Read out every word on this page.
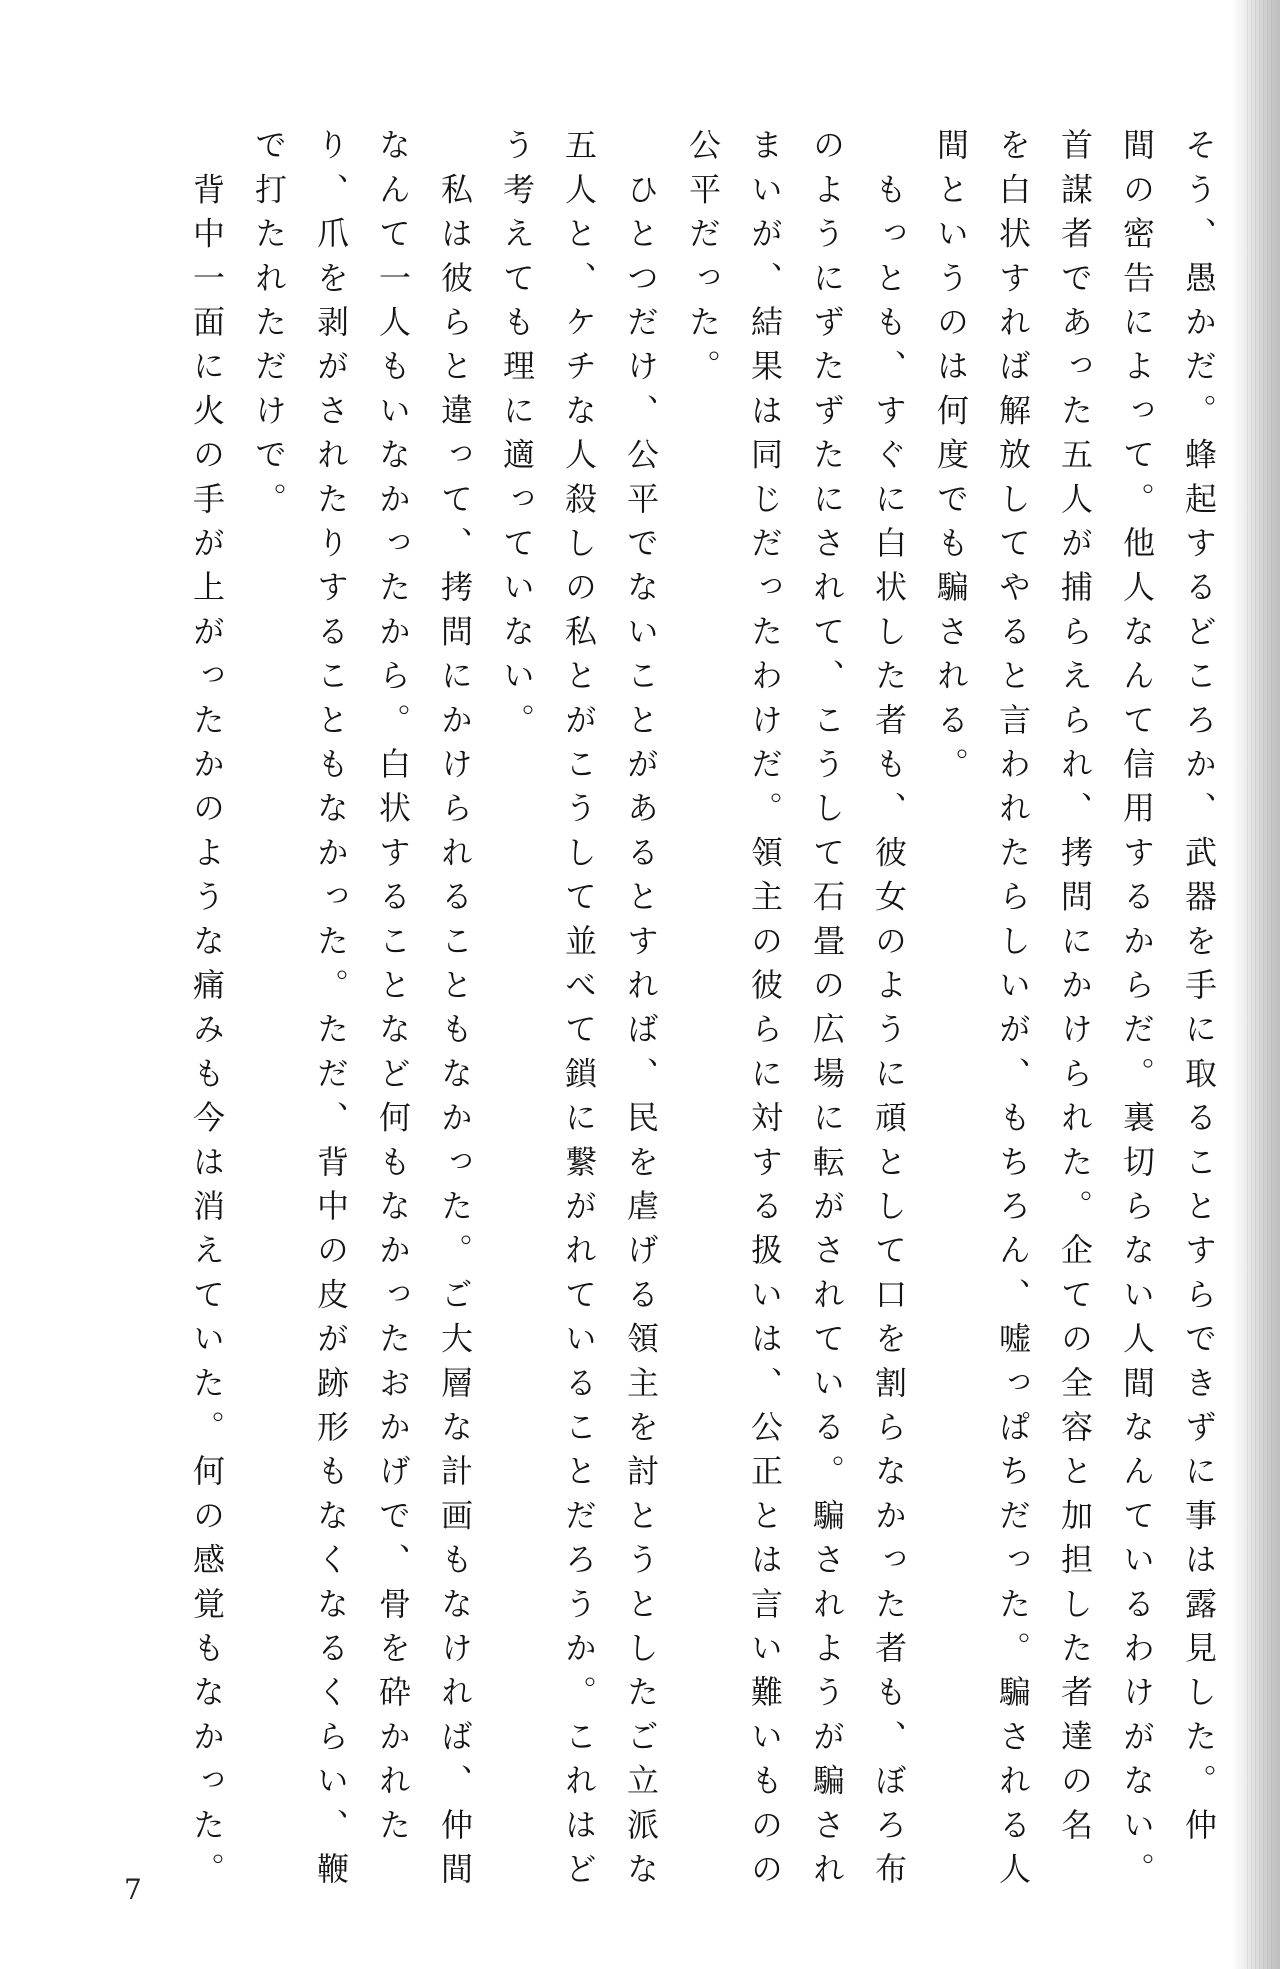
そう、愚かだ。蜂起するどころか、武器を手に取ることすらできずに事は露見した。仲

間の密告によって。他人なんて信用するからだ。裏切らない人間なんているわけがない。

首謀者であった五人が捕らえられ、拷問にかけられた。企ての全容と加担した者達の名

を白状すれば解放してやると言われたらしいが、もちろん、嘘っぱちだった。騙される人

間というのは何度でも騙される。

　もっとも、すぐに白状した者も、彼女のように頑として口を割らなかった者も、ぼろ布

のようにずたずたにされて、こうして石畳の広場に転がされている。騙されようが騙され

まいが、結果は同じだったわけだ。領主の彼らに対する扱いは、公正とは言い難いものの

公平だった。

　ひとつだけ、公平でないことがあるとすれば、民を虐げる領主を討とうとしたご立派な

五人と、ケチな人殺しの私とがこうして並べて鎖に繋がれていることだろうか。これはど

う考えても理に適っていない。

　私は彼らと違って、拷問にかけられることもなかった。ご大層な計画もなければ、仲間

なんて一人もいなかったから。白状することなど何もなかったおかげで、骨を砕かれた

り、爪を剥がされたりすることもなかった。ただ、背中の皮が跡形もなくなるくらい、鞭

で打たれただけで。

　背中一面に火の手が上がったかのような痛みも今は消えていた。何の感覚もなかった。

7
